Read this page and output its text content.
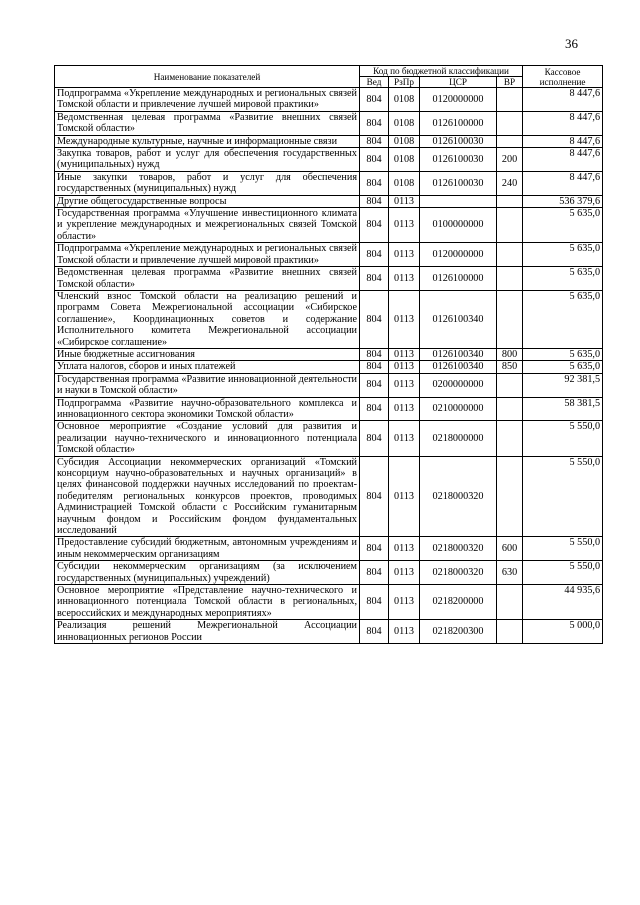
36
Наименование показателей	Код по бюджетной классификации				Кассовое исполнение
	Вед	РзПр	ЦСР	ВР	
Подпрограмма «Укрепление международных и региональных связей Томской области и привлечение лучшей мировой практики»	804	0108	0120000000		8 447,6
Ведомственная целевая программа «Развитие внешних связей Томской области»	804	0108	0126100000		8 447,6
Международные культурные, научные и информационные связи	804	0108	0126100030		8 447,6
Закупка товаров, работ и услуг для обеспечения государственных (муниципальных) нужд	804	0108	0126100030	200	8 447,6
Иные закупки товаров, работ и услуг для обеспечения государственных (муниципальных) нужд	804	0108	0126100030	240	8 447,6
Другие общегосударственные вопросы	804	0113			536 379,6
Государственная программа «Улучшение инвестиционного климата и укрепление международных и межрегиональных связей Томской области»	804	0113	0100000000		5 635,0
Подпрограмма «Укрепление международных и региональных связей Томской области и привлечение лучшей мировой практики»	804	0113	0120000000		5 635,0
Ведомственная целевая программа «Развитие внешних связей Томской области»	804	0113	0126100000		5 635,0
Членский взнос Томской области на реализацию решений и программ Совета Межрегиональной ассоциации «Сибирское соглашение», Координационных советов и содержание Исполнительного комитета Межрегиональной ассоциации «Сибирское соглашение»	804	0113	0126100340		5 635,0
Иные бюджетные ассигнования	804	0113	0126100340	800	5 635,0
Уплата налогов, сборов и иных платежей	804	0113	0126100340	850	5 635,0
Государственная программа «Развитие инновационной деятельности и науки в Томской области»	804	0113	0200000000		92 381,5
Подпрограмма «Развитие научно-образовательного комплекса и инновационного сектора экономики Томской области»	804	0113	0210000000		58 381,5
Основное мероприятие «Создание условий для развития и реализации научно-технического и инновационного потенциала Томской области»	804	0113	0218000000		5 550,0
Субсидия Ассоциации некоммерческих организаций «Томский консорциум научно-образовательных и научных организаций» в целях финансовой поддержки научных исследований по проектам-победителям региональных конкурсов проектов, проводимых Администрацией Томской области с Российским гуманитарным научным фондом и Российским фондом фундаментальных исследований	804	0113	0218000320		5 550,0
Предоставление субсидий бюджетным, автономным учреждениям и иным некоммерческим организациям	804	0113	0218000320	600	5 550,0
Субсидии некоммерческим организациям (за исключением государственных (муниципальных) учреждений)	804	0113	0218000320	630	5 550,0
Основное мероприятие «Представление научно-технического и инновационного потенциала Томской области в региональных, всероссийских и международных мероприятиях»	804	0113	0218200000		44 935,6
Реализация решений Межрегиональной Ассоциации инновационных регионов России	804	0113	0218200300		5 000,0
